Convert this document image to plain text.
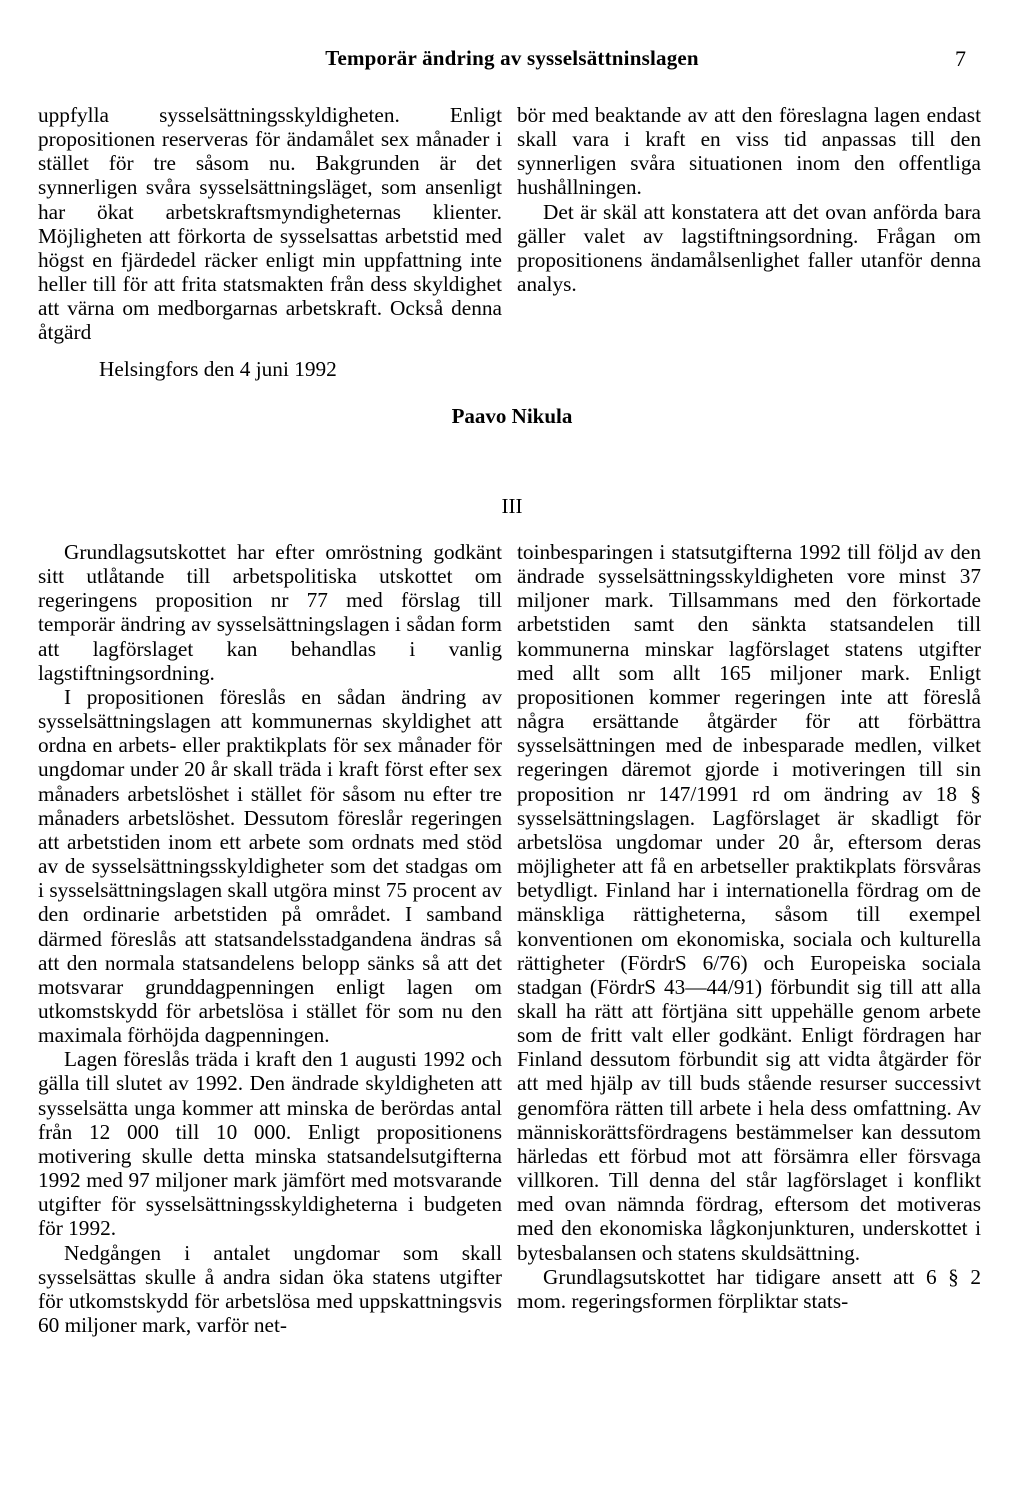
Temporär ändring av sysselsättninslagen	7

uppfylla sysselsättningsskyldigheten. Enligt propositionen reserveras för ändamålet sex månader i stället för tre såsom nu. Bakgrunden är det synnerligen svåra sysselsättningsläget, som ansenligt har ökat arbetskraftsmyndigheternas klienter. Möjligheten att förkorta de sysselsattas arbetstid med högst en fjärdedel räcker enligt min uppfattning inte heller till för att frita statsmakten från dess skyldighet att värna om medborgarnas arbetskraft. Också denna åtgärd

bör med beaktande av att den föreslagna lagen endast skall vara i kraft en viss tid anpassas till den synnerligen svåra situationen inom den offentliga hushållningen.

Det är skäl att konstatera att det ovan anförda bara gäller valet av lagstiftningsordning. Frågan om propositionens ändamålsenlighet faller utanför denna analys.

Helsingfors den 4 juni 1992
Paavo Nikula
III

Grundlagsutskottet har efter omröstning godkänt sitt utlåtande till arbetspolitiska utskottet om regeringens proposition nr 77 med förslag till temporär ändring av sysselsättningslagen i sådan form att lagförslaget kan behandlas i vanlig lagstiftningsordning.

I propositionen föreslås en sådan ändring av sysselsättningslagen att kommunernas skyldighet att ordna en arbets- eller praktikplats för sex månader för ungdomar under 20 år skall träda i kraft först efter sex månaders arbetslöshet i stället för såsom nu efter tre månaders arbetslöshet. Dessutom föreslår regeringen att arbetstiden inom ett arbete som ordnats med stöd av de sysselsättningsskyldigheter som det stadgas om i sysselsättningslagen skall utgöra minst 75 procent av den ordinarie arbetstiden på området. I samband därmed föreslås att statsandelsstadgandena ändras så att den normala statsandelens belopp sänks så att det motsvarar grunddagpenningen enligt lagen om utkomstskydd för arbetslösa i stället för som nu den maximala förhöjda dagpenningen.

Lagen föreslås träda i kraft den 1 augusti 1992 och gälla till slutet av 1992. Den ändrade skyldigheten att sysselsätta unga kommer att minska de berördas antal från 12 000 till 10 000. Enligt propositionens motivering skulle detta minska statsandelsutgifterna 1992 med 97 miljoner mark jämfört med motsvarande utgifter för sysselsättningsskyldigheterna i budgeten för 1992.

Nedgången i antalet ungdomar som skall sysselsättas skulle å andra sidan öka statens utgifter för utkomstskydd för arbetslösa med uppskattningsvis 60 miljoner mark, varför net-

toinbesparingen i statsutgifterna 1992 till följd av den ändrade sysselsättningsskyldigheten vore minst 37 miljoner mark. Tillsammans med den förkortade arbetstiden samt den sänkta statsandelen till kommunerna minskar lagförslaget statens utgifter med allt som allt 165 miljoner mark. Enligt propositionen kommer regeringen inte att föreslå några ersättande åtgärder för att förbättra sysselsättningen med de inbesparade medlen, vilket regeringen däremot gjorde i motiveringen till sin proposition nr 147/1991 rd om ändring av 18 § sysselsättningslagen. Lagförslaget är skadligt för arbetslösa ungdomar under 20 år, eftersom deras möjligheter att få en arbetseller praktikplats försvåras betydligt. Finland har i internationella fördrag om de mänskliga rättigheterna, såsom till exempel konventionen om ekonomiska, sociala och kulturella rättigheter (FördrS 6/76) och Europeiska sociala stadgan (FördrS 43—44/91) förbundit sig till att alla skall ha rätt att förtjäna sitt uppehälle genom arbete som de fritt valt eller godkänt. Enligt fördragen har Finland dessutom förbundit sig att vidta åtgärder för att med hjälp av till buds stående resurser successivt genomföra rätten till arbete i hela dess omfattning. Av människorättsfördragens bestämmelser kan dessutom härledas ett förbud mot att försämra eller försvaga villkoren. Till denna del står lagförslaget i konflikt med ovan nämnda fördrag, eftersom det motiveras med den ekonomiska lågkonjunkturen, underskottet i bytesbalansen och statens skuldsättning.

Grundlagsutskottet har tidigare ansett att 6 § 2 mom. regeringsformen förpliktar stats-
